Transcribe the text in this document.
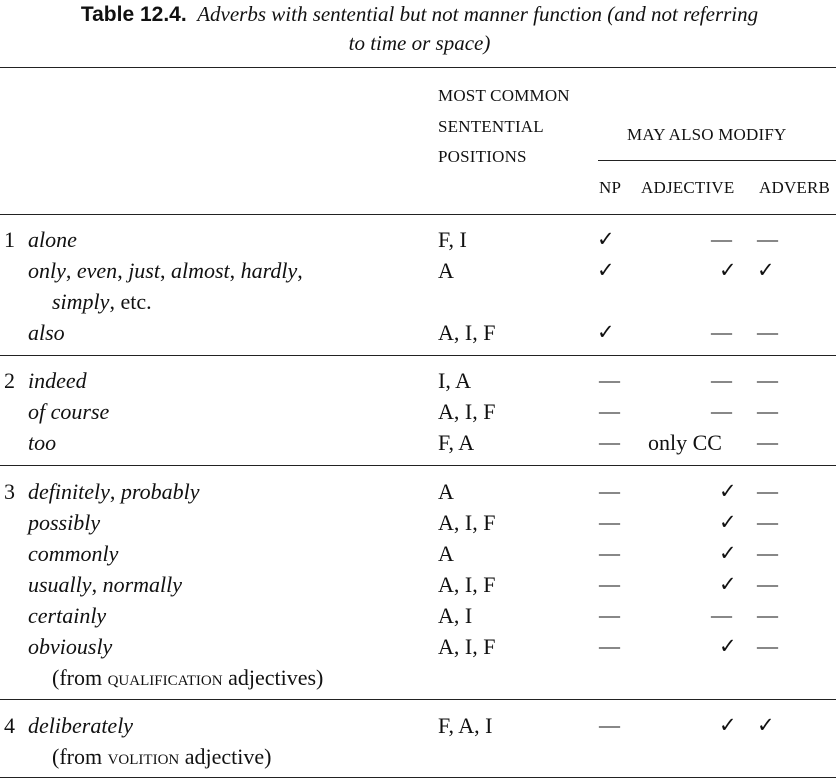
Table 12.4. Adverbs with sentential but not manner function (and not referring
to time or space)
MOST COMMON
SENTENTIAL
POSITIONS
MAY ALSO MODIFY
NP ADJECTIVE ADVERB
1 alone	F, I	✓	— —
only, even, just, almost, hardly,
simply, etc.
A	✓	✓ ✓
also	A, I, F	✓	— —
2 indeed	I, A	—	— —
of course	A, I, F	—	— —
too	F, A	— only CC —
3 definitely, probably	A	—	✓ —
possibly	A, I, F	—	✓ —
commonly	A	—	✓ —
usually, normally	A, I, F	—	✓ —
certainly	A, I	—	— —
obviously	A, I, F	—	✓ —
(from qualification adjectives)
4 deliberately	F, A, I	—	✓ ✓
(from volition adjective)
